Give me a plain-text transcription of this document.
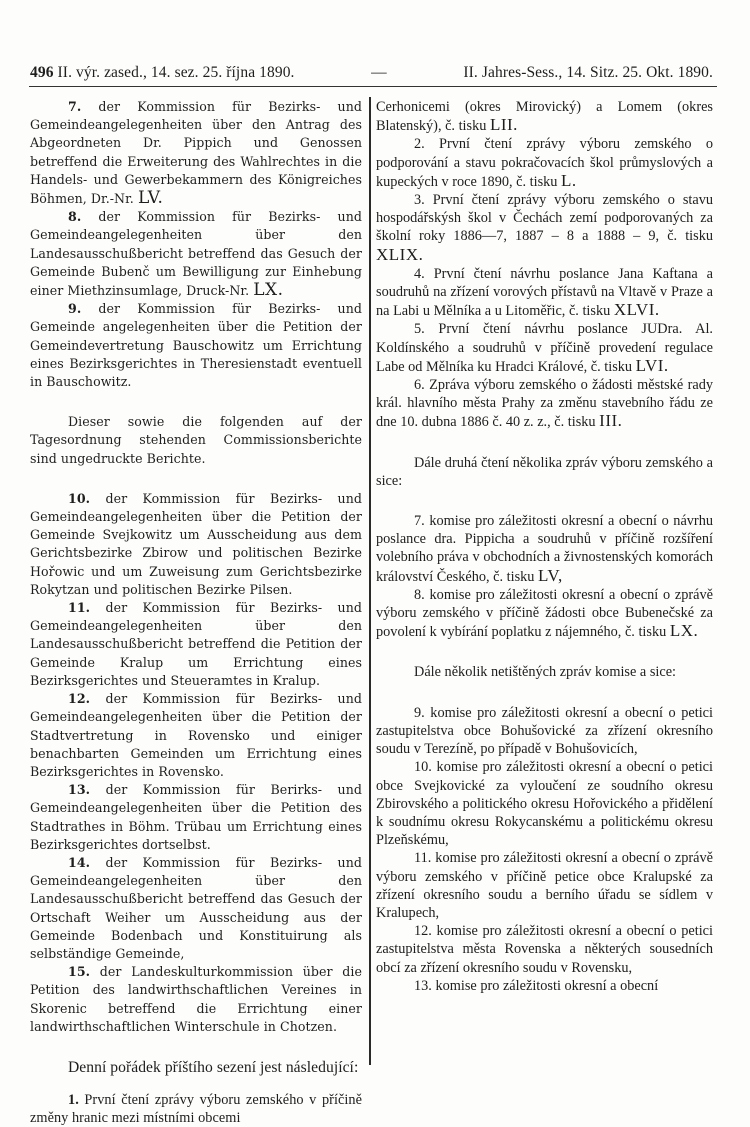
496 II. výr. zased., 14. sez. 25. října 1890.	—	II. Jahres-Sess., 14. Sitz. 25. Okt. 1890.

7. der Kommission für Bezirks- und Gemeindeangelegenheiten über den Antrag des Abgeordneten Dr. Pippich und Genossen betreffend die Erweiterung des Wahlrechtes in die Handels- und Gewerbekammern des Königreiches Böhmen, Dr.-Nr. LV.

8. der Kommission für Bezirks- und Gemeindeangelegenheiten über den Landesausschußbericht betreffend das Gesuch der Gemeinde Bubenč um Bewilligung zur Einhebung einer Miethzinsumlage, Druck-Nr. LX.

9. der Kommission für Bezirks- und Gemeinde angelegenheiten über die Petition der Gemeindevertretung Bauschowitz um Errichtung eines Bezirksgerichtes in Theresienstadt eventuell in Bauschowitz.

Dieser sowie die folgenden auf der Tagesordnung stehenden Commissionsberichte sind ungedruckte Berichte.

10. der Kommission für Bezirks- und Gemeindeangelegenheiten über die Petition der Gemeinde Svejkowitz um Ausscheidung aus dem Gerichtsbezirke Zbirow und politischen Bezirke Hořowic und um Zuweisung zum Gerichtsbezirke Rokytzan und politischen Bezirke Pilsen.

11. der Kommission für Bezirks- und Gemeindeangelegenheiten über den Landesausschußbericht betreffend die Petition der Gemeinde Kralup um Errichtung eines Bezirksgerichtes und Steueramtes in Kralup.

12. der Kommission für Bezirks- und Gemeindeangelegenheiten über die Petition der Stadtvertretung in Rovensko und einiger benachbarten Gemeinden um Errichtung eines Bezirksgerichtes in Rovensko.

13. der Kommission für Berirks- und Gemeindeangelegenheiten über die Petition des Stadtrathes in Böhm. Trübau um Errichtung eines Bezirksgerichtes dortselbst.

14. der Kommission für Bezirks- und Gemeindeangelegenheiten über den Landesausschußbericht betreffend das Gesuch der Ortschaft Weiher um Ausscheidung aus der Gemeinde Bodenbach und Konstituirung als selbständige Gemeinde,

15. der Landeskulturkommission über die Petition des landwirthschaftlichen Vereines in Skorenic betreffend die Errichtung einer landwirthschaftlichen Winterschule in Chotzen.

Denní pořádek příštího sezení jest následující:

1. První čtení zprávy výboru zemského v příčině změny hranic mezi místními obcemi

Cerhonicemi (okres Mirovický) a Lomem (okres Blatenský), č. tisku LII.

2. První čtení zprávy výboru zemského o podporování a stavu pokračovacích škol průmyslových a kupeckých v roce 1890, č. tisku L.

3. První čtení zprávy výboru zemského o stavu hospodářskýsh škol v Čechách zemí podporovaných za školní roky 1886—7, 1887 – 8 a 1888 – 9, č. tisku XLIX.

4. První čtení návrhu poslance Jana Kaftana a soudruhů na zřízení vorových přístavů na Vltavě v Praze a na Labi u Mělníka a u Litoměřic, č. tisku XLVI.

5. První čtení návrhu poslance JUDra. Al. Koldínského a soudruhů v příčině provedení regulace Labe od Mělníka ku Hradci Králové, č. tisku LVI.

6. Zpráva výboru zemského o žádosti městské rady král. hlavního města Prahy za změnu stavebního řádu ze dne 10. dubna 1886 č. 40 z. z., č. tisku III.

Dále druhá čtení několika zpráv výboru zemského a sice:

7. komise pro záležitosti okresní a obecní o návrhu poslance dra. Pippicha a soudruhů v příčině rozšíření volebního práva v obchodních a živnostenských komorách království Českého, č. tisku LV,

8. komise pro záležitosti okresní a obecní o zprávě výboru zemského v příčině žádosti obce Bubenečské za povolení k vybírání poplatku z nájemného, č. tisku LX.

Dále několik netištěných zpráv komise a sice:

9. komise pro záležitosti okresní a obecní o petici zastupitelstva obce Bohušovické za zřízení okresního soudu v Terezíně, po případě v Bohušovicích,

10. komise pro záležitosti okresní a obecní o petici obce Svejkovické za vyloučení ze soudního okresu Zbirovského a politického okresu Hořovického a přidělení k soudnímu okresu Rokycanskému a politickému okresu Plzeňskému,

11. komise pro záležitosti okresní a obecní o zprávě výboru zemského v příčině petice obce Kralupské za zřízení okresního soudu a berního úřadu se sídlem v Kralupech,

12. komise pro záležitosti okresní a obecní o petici zastupitelstva města Rovenska a některých sousedních obcí za zřízení okresního soudu v Rovensku,

13. komise pro záležitosti okresní a obecní
